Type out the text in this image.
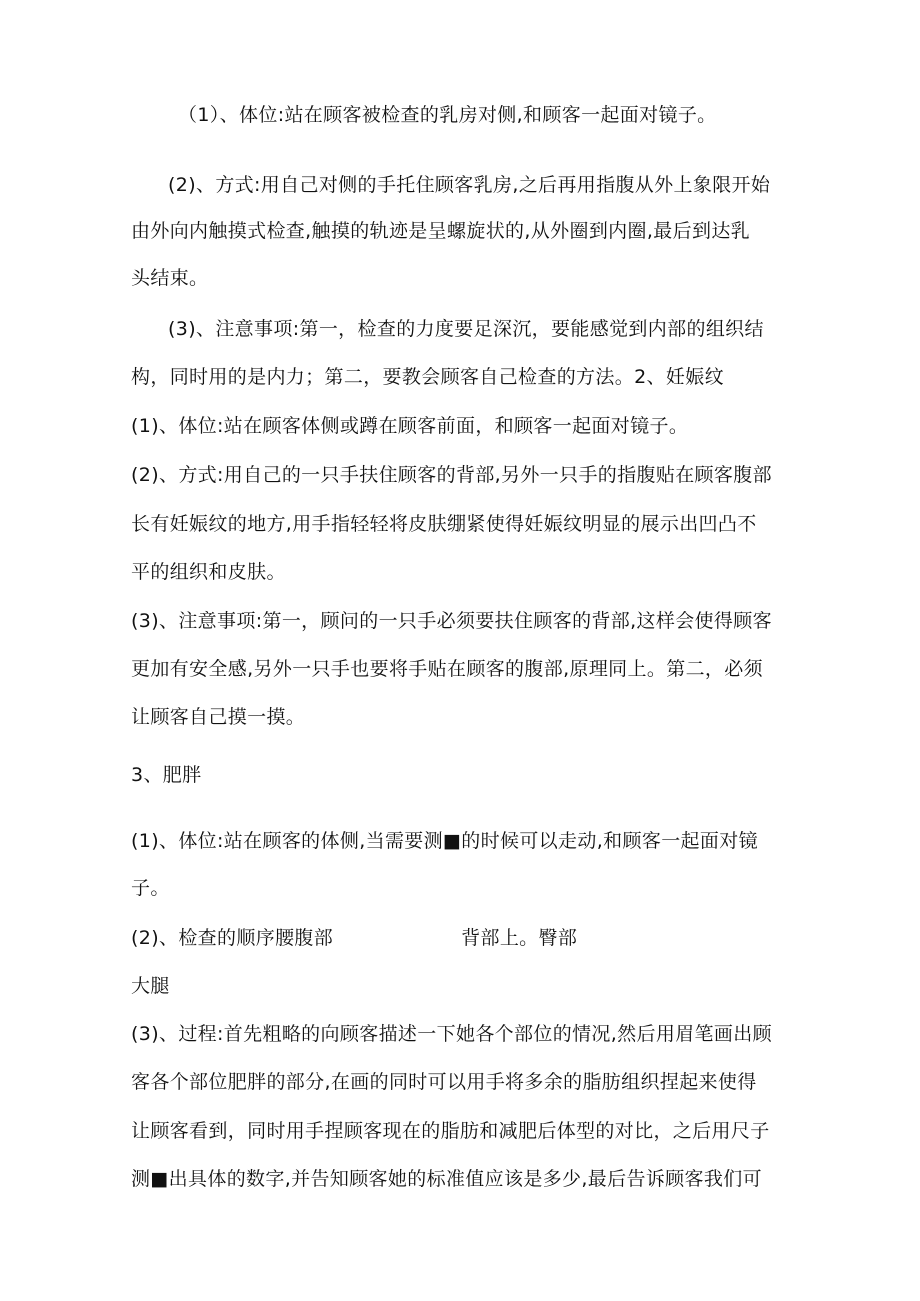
（1）、体位:站在顾客被检查的乳房对侧,和顾客一起面对镜子。
(2)、方式:用自己对侧的手托住顾客乳房,之后再用指腹从外上象限开始
由外向内触摸式检查,触摸的轨迹是呈螺旋状的,从外圈到内圈,最后到达乳
头结束。
(3)、注意事项:第一，检查的力度要足深沉，要能感觉到内部的组织结
构，同时用的是内力；第二，要教会顾客自己检查的方法。2、妊娠纹
(1)、体位:站在顾客体侧或蹲在顾客前面，和顾客一起面对镜子。
(2)、方式:用自己的一只手扶住顾客的背部,另外一只手的指腹贴在顾客腹部
长有妊娠纹的地方,用手指轻轻将皮肤绷紧使得妊娠纹明显的展示出凹凸不
平的组织和皮肤。
(3)、注意事项:第一，顾问的一只手必须要扶住顾客的背部,这样会使得顾客
更加有安全感,另外一只手也要将手贴在顾客的腹部,原理同上。第二，必须
让顾客自己摸一摸。
3、肥胖
(1)、体位:站在顾客的体侧,当需要测■的时候可以走动,和顾客一起面对镜
子。
(2)、检查的顺序腰腹部	背部上。臀部
大腿
(3)、过程:首先粗略的向顾客描述一下她各个部位的情况,然后用眉笔画出顾
客各个部位肥胖的部分,在画的同时可以用手将多余的脂肪组织捏起来使得
让顾客看到，同时用手捏顾客现在的脂肪和减肥后体型的对比，之后用尺子
测■出具体的数字,并告知顾客她的标准值应该是多少,最后告诉顾客我们可
